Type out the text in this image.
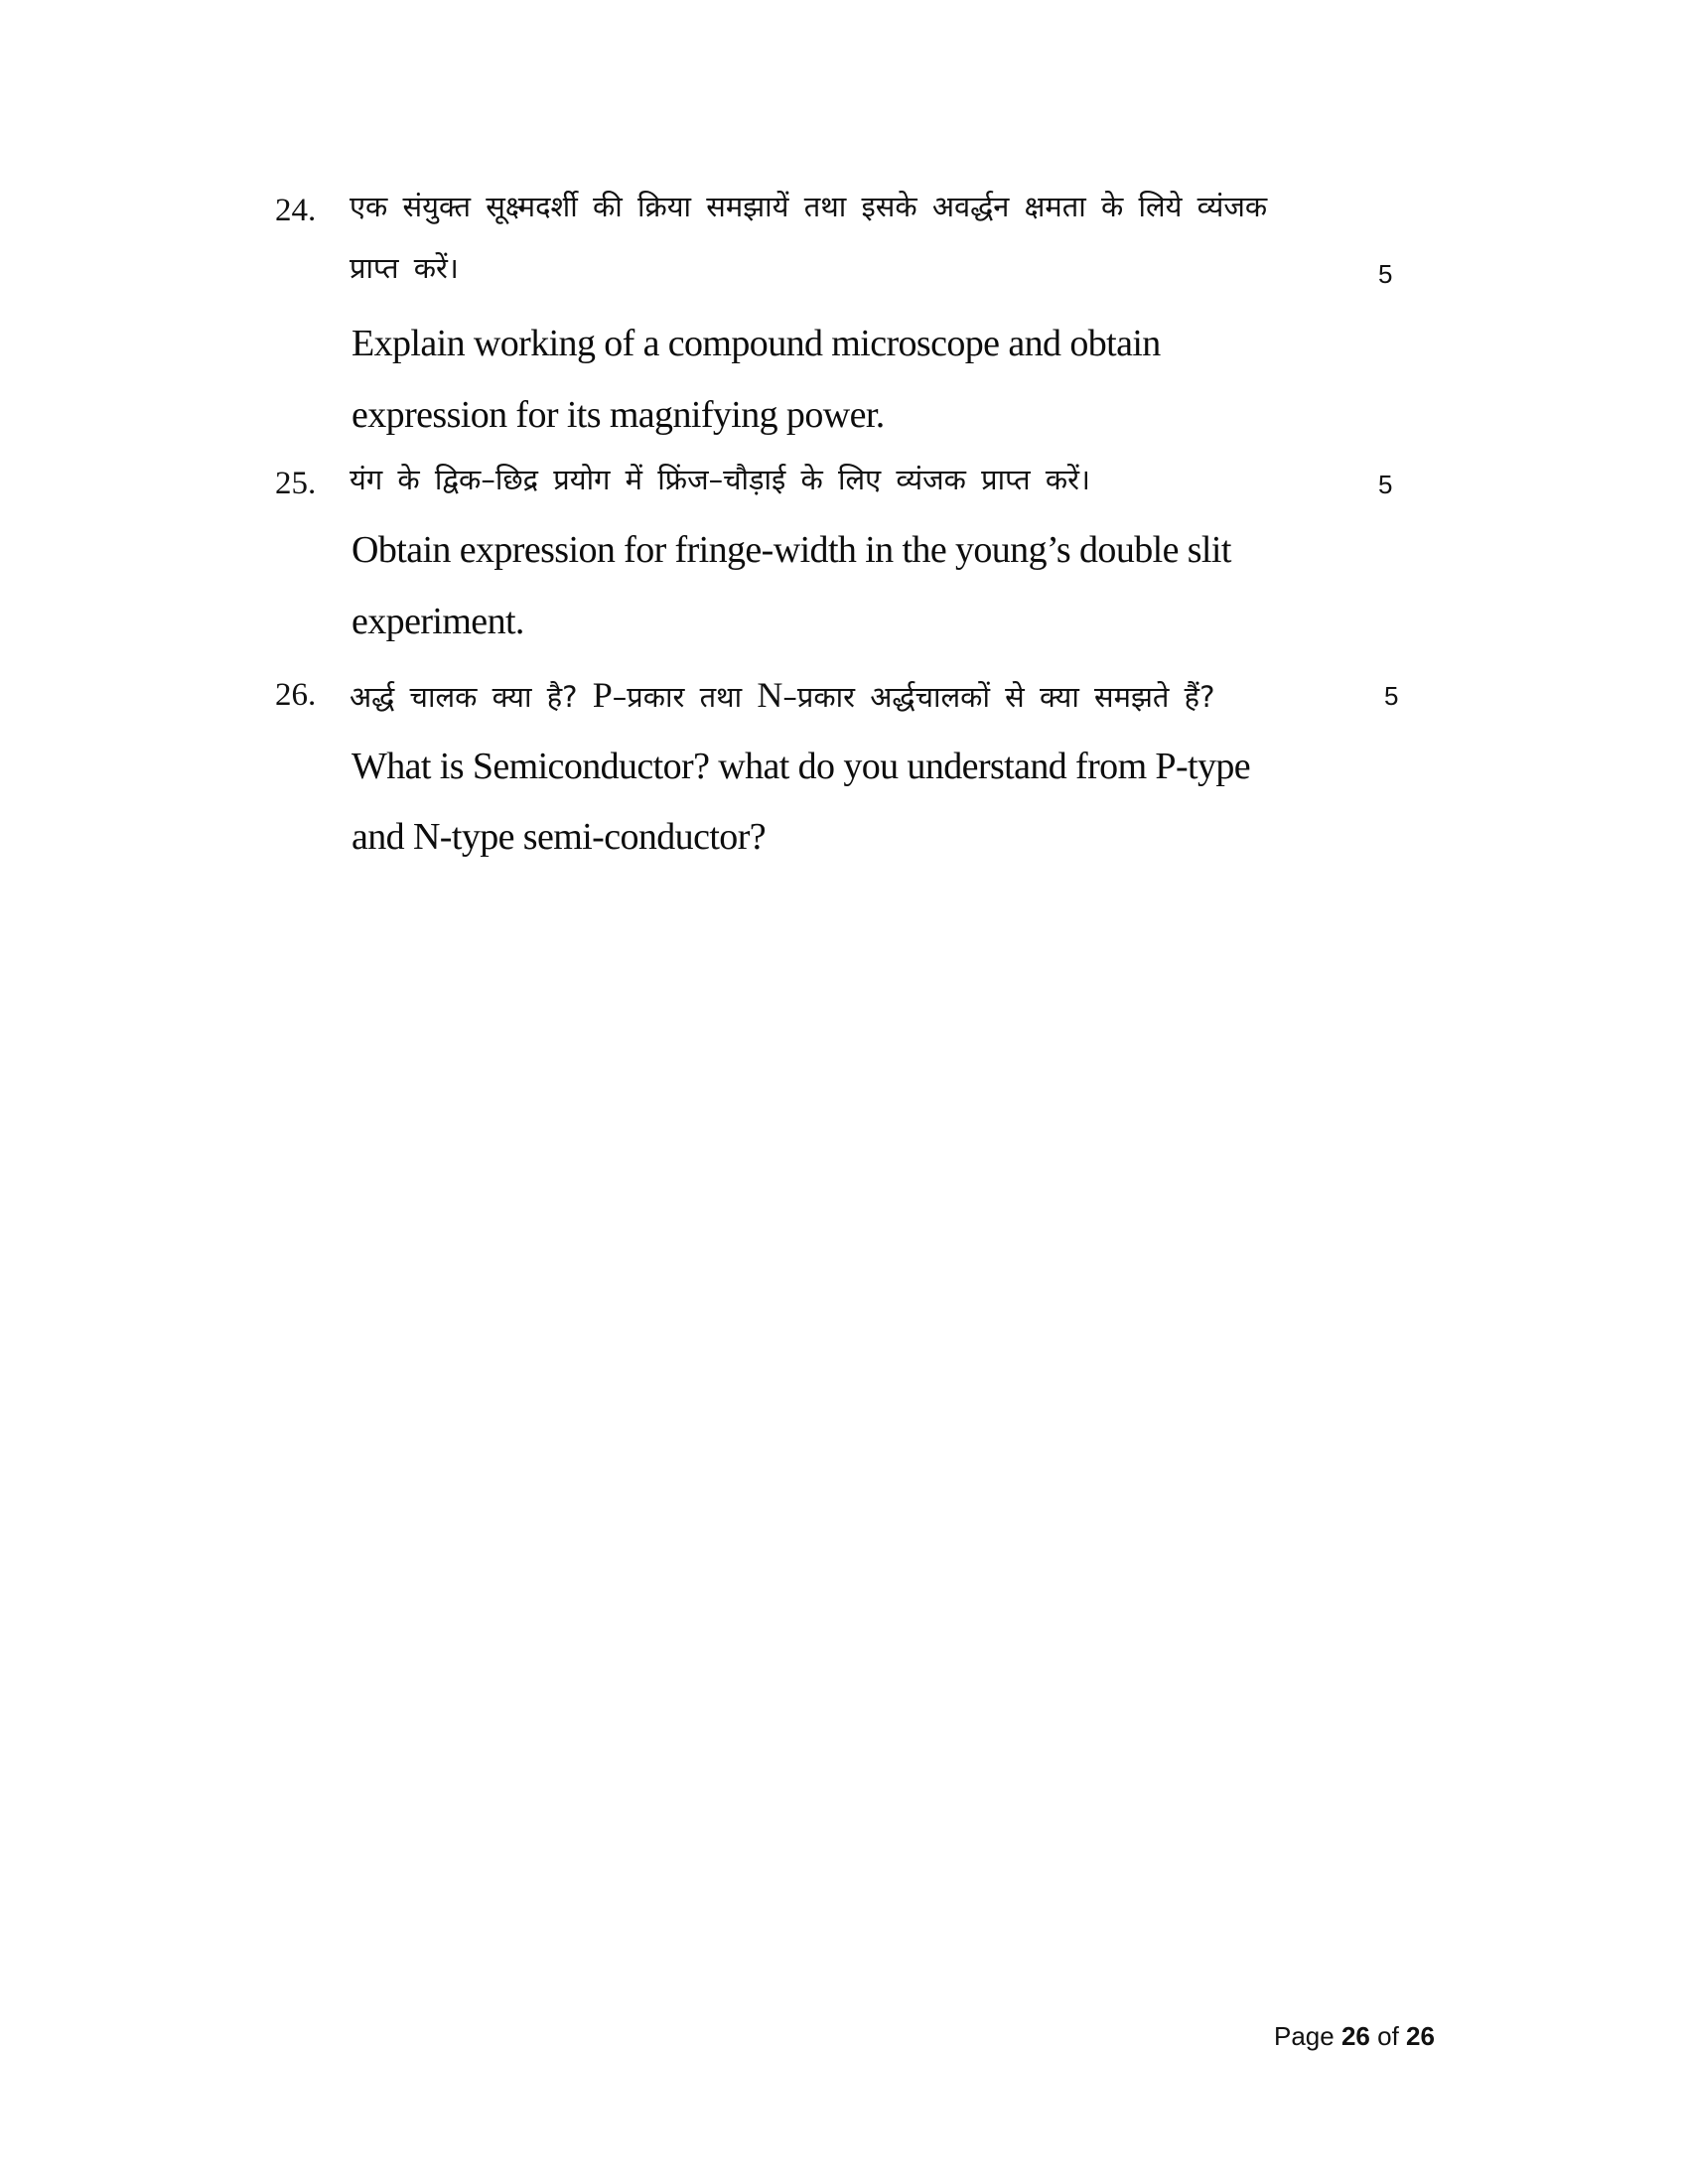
24. एक संयुक्त सूक्ष्मदर्शी की क्रिया समझायें तथा इसके अवर्द्धन क्षमता के लिये व्यंजक
प्राप्त करें।	5
Explain working of a compound microscope and obtain
expression for its magnifying power.
25. यंग के द्विक–छिद्र प्रयोग में फ्रिंज–चौड़ाई के लिए व्यंजक प्राप्त करें।	5
Obtain expression for fringe-width in the young’s double slit
experiment.
26. अर्द्ध चालक क्या है? P–प्रकार तथा N–प्रकार अर्द्धचालकों से क्या समझते हैं?	5
What is Semiconductor? what do you understand from P-type
and N-type semi-conductor?
Page 26 of 26
